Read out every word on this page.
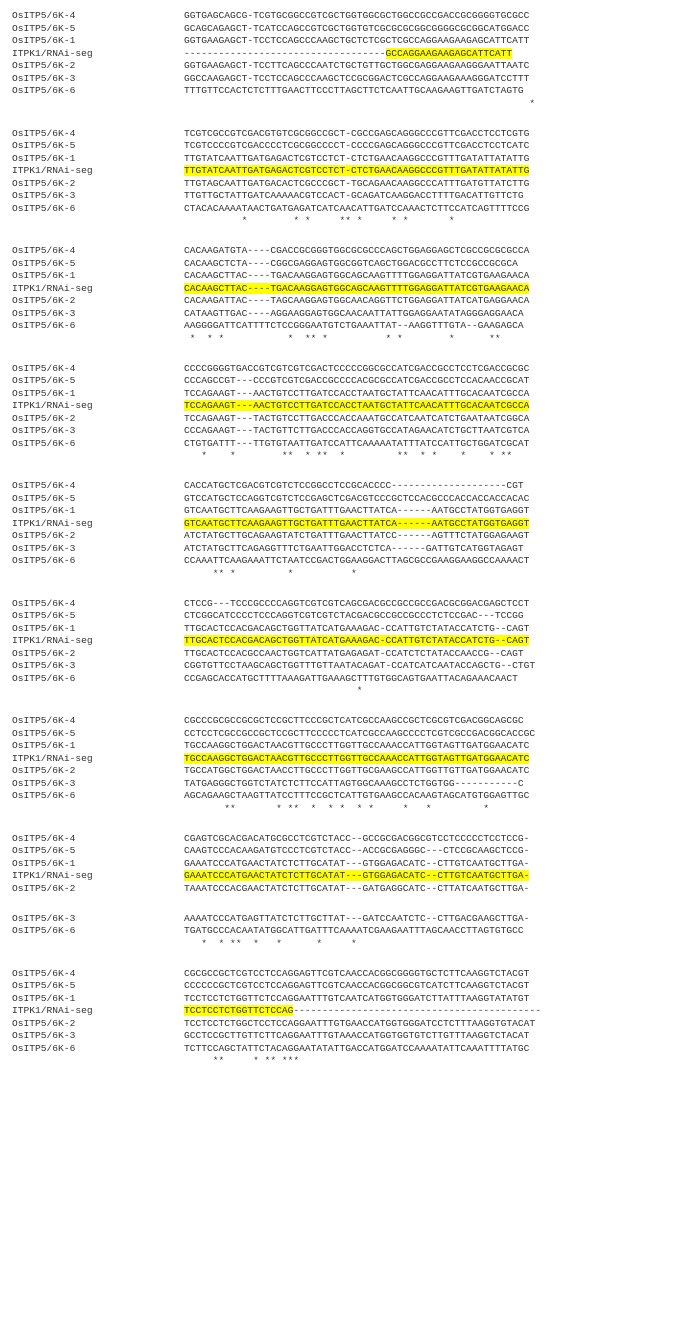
OsITP5/6K-4	GGTGAGCAGCG-TCGTGCGGCCGTCGCTGGTGGCGCTGGCCGCCGACCGCGGGGTGCGCC
OsITP5/6K-5	GCAGCAGAGCT-TCATCCAGCCGTCGCTGGTGTCGCGCGCGGCGGGGCGCGGCATGGACC
OsITP5/6K-1	GGTGAAGAGCT-TCCTCCAGCCCAAGCTGCTCTCGCTCGCCAGGAAGAAGAGCATTCATT
ITPK1/RNAi-seg	-----------------------------------GCCAGGAAGAAGAGCATTCATT
OsITP5/6K-2	GGTGAAGAGCT-TCCTTCAGCCCAATCTGCTGTTGCTGGCGAGGAAGAAGGGAATTAATC
OsITP5/6K-3	GGCCAAGAGCT-TCCTCCAGCCCAAGCTCCGCGGACTCGCCAGGAAGAAAGGGATCCTTT
OsITP5/6K-6	TTTGTTCCACTCTCTTTGAACTTCCCTTAGCTTCTCAATTGCAAGAAGTTGATCTAGTG
*
OsITP5/6K-4	TCGTCGCCGTCGACGTGTCGCGGCCGCT-CGCCGAGCAGGGCCCGTTCGACCTCCTCGTG
OsITP5/6K-5	TCGTCCCCGTCGACCCCTCGCGGCCCCT-CCCCGAGCAGGGCCCGTTCGACCTCCTCATC
OsITP5/6K-1	TTGTATCAATTGATGAGACTCGTCCTCT-CTCTGAACAAGGCCCGTTTGATATTATATTG
ITPK1/RNAi-seg	TTGTATCAATTGATGAGACTCGTCCTCT-CTCTGAACAAGGCCCGTTTGATATTATATTG
OsITP5/6K-2	TTGTAGCAATTGATGACACTCGCCCGCT-TGCAGAACAAGGCCCATTTGATGTTATCTTG
OsITP5/6K-3	TTGTTGCTATTGATCAAAAACGTCCACT-GCAGATCAAGGACCTTTTGACATTGTTCTG
OsITP5/6K-6	CTACACAAAATAACTGATGAGATCATCAACATTGATCCAAACTCTTCCATCAGTTTTCCG
*        * *     ** *     * *       *
OsITP5/6K-4	CACAAGATGTA----CGACCGCGGGTGGCGCGCCCAGCTGGAGGAGCTCGCCGCGCGCCA
OsITP5/6K-5	CACAAGCTCTA----CGGCGAGGAGTGGCGGTCAGCTGGACGCCTTCTCCGCCGCGCA
OsITP5/6K-1	CACAAGCTTAC----TGACAAGGAGTGGCAGCAAGTTTTGGAGGATTATCGTGAAGAACA
ITPK1/RNAi-seg	CACAAGCTTAC----TGACAAGGAGTGGCAGCAAGTTTTGGAGGATTATCGTGAAGAACA
OsITP5/6K-2	CACAAGATTAC----TAGCAAGGAGTGGCAACAGGTTCTGGAGGATTATCATGAGGAACA
OsITP5/6K-3	CATAAGTTGAC----AGGAAGGAGTGGCAACAATTATTGGAGGAATATAGGGAGGAACA
OsITP5/6K-6	AAGGGGATTCATTTTCTCCGGGAATGTCTGAAATTAT--AAGGTTTGTA--GAAGAGCA
*  * *           *  ** *          * *        *      **
OsITP5/6K-4	CCCCGGGGTGACCGTCGTCGTCGACTCCCCCGGCGCCATCGACCGCCTCCTCGACCGCGC
OsITP5/6K-5	CCCAGCCGT---CCCGTCGTCGACCGCCCCACGCGCCATCGACCGCCTCCACAACCGCAT
OsITP5/6K-1	TCCAGAAGT---AACTGTCCTTGATCCACCTAATGCTATTCAACATTTGCACAATCGCCA
ITPK1/RNAi-seg	TCCAGAAGT---AACTGTCCTTGATCCACCTAATGCTATTCAACATTTGCACAATCGCCA
OsITP5/6K-2	TCCAGAAGT---TACTGTCCTTGACCCACCAAATGCCATCAATCATCTGAATAATCGGCA
OsITP5/6K-3	CCCAGAAGT---TACTGTTCTTGACCCACCAGGTGCCATAGAACATCTGCTTAATCGTCA
OsITP5/6K-6	CTGTGATTT---TTGTGTAATTGATCCATTCAAAAATATTTATCCATTGCTGGATCGCAT
*    *        **  * **  *         **  * *    *    * **
OsITP5/6K-4	CACCATGCTCGACGTCGTCTCCGGCCTCCGCACCCC--------------------CGT
OsITP5/6K-5	GTCCATGCTCCAGGTCGTCTCCGAGCTCGACGTCCCGCTCCACGCCCACCACCACCACAC
OsITP5/6K-1	GTCAATGCTTCAAGAAGTTGCTGATTTGAACTTATCA------AATGCCTATGGTGAGGT
ITPK1/RNAi-seg	GTCAATGCTTCAAGAAGTTGCTGATTTGAACTTATCA------AATGCCTATGGTGAGGT
OsITP5/6K-2	ATCTATGCTTGCAGAAGTATCTGATTTGAACTTATCC------AGTTTCTATGGAGAAGT
OsITP5/6K-3	ATCTATGCTTCAGAGGTTTCTGAATTGGACCTCTCA------GATTGTCATGGTAGAGT
OsITP5/6K-6	CCAAATTCAAGAAATTCTAATCCGACTGGAAGGACTTAGCGCCGAAGGAAGGCCAAAACT
** *         *          *
OsITP5/6K-4	CTCCG---TCCCGCCCCAGGTCGTCGTCAGCGACGCCGCCGCCGACGCGGACGAGCTCCT
OsITP5/6K-5	CTCGGCATCCCCTCCCAGGTCGTCGTCTACGACGCCGCCGCCCTCTCCGAC---TCCGG
OsITP5/6K-1	TTGCACTCCACGACAGCTGGTTATCATGAAAGAC-CCATTGTCTATACCATCTG--CAGT
ITPK1/RNAi-seg	TTGCACTCCACGACAGCTGGTTATCATGAAAGAC-CCATTGTCTATACCATCTG--CAGT
OsITP5/6K-2	TTGCACTCCACGCCAACTGGTCATTATGAGAGAT-CCATCTCTATACCAACCG--CAGT
OsITP5/6K-3	CGGTGTTCCTAAGCAGCTGGTTTGTTAATACAGAT-CCATCATCAATACCAGCTG--CTGT
OsITP5/6K-6	CCGAGCACCATGCTTTTAAAGATTGAAAGCTTTGTGGCAGTGAATTACAGAAACAACT
*
OsITP5/6K-4	CGCCCGCGCCGCGCTCCGCTTCCCGCTCATCGCCAAGCCGCTCGCGTCGACGGCAGCGC
OsITP5/6K-5	CCTCCTCGCCGCCGCTCCGCTTCCCCCTCATCGCCAAGCCCCTCGTCGCCGACGGCACCGC
OsITP5/6K-1	TGCCAAGGCTGGACTAACGTTGCCCTTGGTTGCCAAACCATTGGTAGTTGATGGAACATC
ITPK1/RNAi-seg	TGCCAAGGCTGGACTAACGTTGCCCTTGGTTGCCAAACCATTGGTAGTTGATGGAACATC
OsITP5/6K-2	TGCCATGGCTGGACTAACCTTGCCCTTGGTTGCGAAGCCATTGGTTGTTGATGGAACATC
OsITP5/6K-3	TATGAGGGCTGGTCTATCTCTTCCATTAGTGGCAAAGCCTCTGGTGG-----------C
OsITP5/6K-6	AGCAGAAGCTAAGTTATCCTTTCCGCTCATTGTGAAGCCACAAGTAGCATGTGGAGTTGC
**       * **  *  * *  * *     *   *         *
OsITP5/6K-4	CGAGTCGCACGACATGCGCCTCGTCTACC--GCCGCGACGGCGTCCTCCCCCTCCTCCG-
OsITP5/6K-5	CAAGTCCCACAAGATGTCCCTCGTCTACC--ACCGCGAGGGC---CTCCGCAAGCTCCG-
OsITP5/6K-1	GAAATCCCATGAACTATCTCTTGCATAT---GTGGAGACATC--CTTGTCAATGCTTGA-
ITPK1/RNAi-seg	GAAATCCCATGAACTATCTCTTGCATAT---GTGGAGACATC--CTTGTCAATGCTTGA-
OsITP5/6K-2	TAAATCCCACGAACTATCTCTTGCATAT---GATGAGGCATC--CTTATCAATGCTTGA-
OsITP5/6K-3	AAAATCCCATGAGTTATCTCTTGCTTAT---GATCCAATCTC--CTTGACGAAGCTTGA-
OsITP5/6K-6	TGATGCCCACAATATGGCATTGATTTCAAAATCGAAGAATTTAGCAACCTTAGTGTGCC
*  * **  *   *      *     *
OsITP5/6K-4	CGCGCCGCTCGTCCTCCAGGAGTTCGTCAACCACGGCGGGGTGCTCTTCAAGGTCTACGT
OsITP5/6K-5	CCCCCCGCTCGTCCTCCAGGAGTTCGTCAACCACGGCGGCGTCATCTTCAAGGTCTACGT
OsITP5/6K-1	TCCTCCTCTGGTTCTCCAGGAATTTGTCAATCATGGTGGGATCTTATTTAAGGTATATGT
ITPK1/RNAi-seg	TCCTCCTCTGGTTCTCCAG-------------------------------------------
OsITP5/6K-2	TCCTCCTCTGGCTCCTCCAGGAATTTGTGAACCATGGTGGGATCCTCTTTAAGGTGTACAT
OsITP5/6K-3	GCCTCCGCTTGTTCTTCAGGAATTTGTAAACCATGGTGGTGTCTTGTTTAAGGTCTACAT
OsITP5/6K-6	TCTTCCAGCTATTCTACAGGAATATATTGACCATGGATCCAAAATATTCAAATTTTATGC
**     * ** ***
